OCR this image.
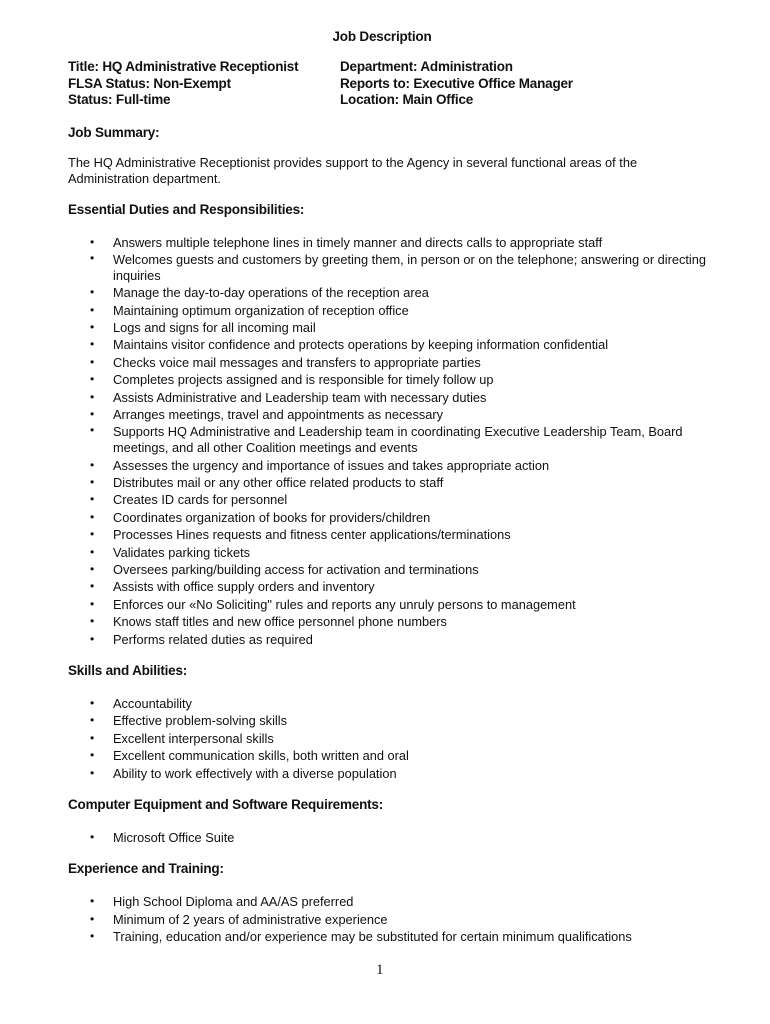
Job Description
Title: HQ Administrative Receptionist
FLSA Status: Non-Exempt
Status: Full-time
Department: Administration
Reports to: Executive Office Manager
Location: Main Office
Job Summary:

The HQ Administrative Receptionist provides support to the Agency in several functional areas of the Administration department.

Essential Duties and Responsibilities:
• Answers multiple telephone lines in timely manner and directs calls to appropriate staff
• Welcomes guests and customers by greeting them, in person or on the telephone; answering or directing inquiries
• Manage the day-to-day operations of the reception area
• Maintaining optimum organization of reception office
• Logs and signs for all incoming mail
• Maintains visitor confidence and protects operations by keeping information confidential
• Checks voice mail messages and transfers to appropriate parties
• Completes projects assigned and is responsible for timely follow up
• Assists Administrative and Leadership team with necessary duties
• Arranges meetings, travel and appointments as necessary
• Supports HQ Administrative and Leadership team in coordinating Executive Leadership Team, Board meetings, and all other Coalition meetings and events
• Assesses the urgency and importance of issues and takes appropriate action
• Distributes mail or any other office related products to staff
• Creates ID cards for personnel
• Coordinates organization of books for providers/children
• Processes Hines requests and fitness center applications/terminations
• Validates parking tickets
• Oversees parking/building access for activation and terminations
• Assists with office supply orders and inventory
• Enforces our «No Soliciting" rules and reports any unruly persons to management
• Knows staff titles and new office personnel phone numbers
• Performs related duties as required
Skills and Abilities:
• Accountability
• Effective problem-solving skills
• Excellent interpersonal skills
• Excellent communication skills, both written and oral
• Ability to work effectively with a diverse population
Computer Equipment and Software Requirements:
• Microsoft Office Suite
Experience and Training:
• High School Diploma and AA/AS preferred
• Minimum of 2 years of administrative experience
• Training, education and/or experience may be substituted for certain minimum qualifications
1
